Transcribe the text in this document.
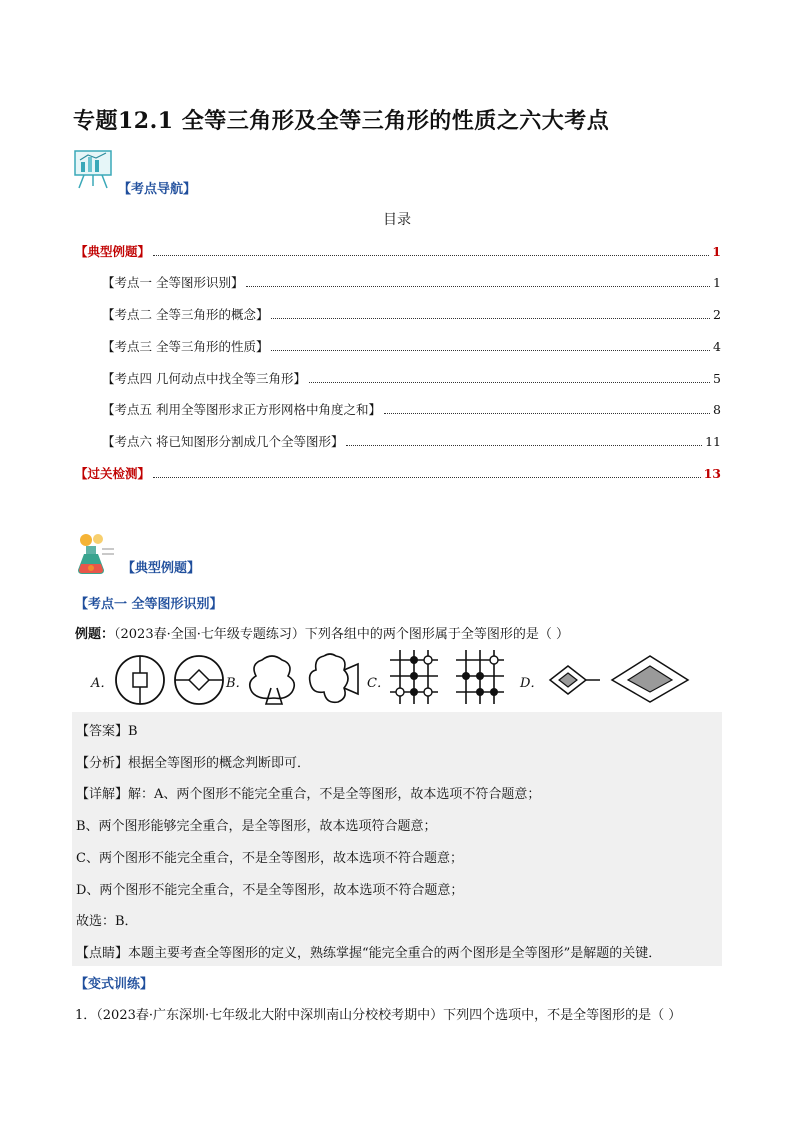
专题12.1 全等三角形及全等三角形的性质之六大考点
【考点导航】
目录
【典型例题】	1
【考点一 全等图形识别】	1
【考点二 全等三角形的概念】	2
【考点三 全等三角形的性质】	4
【考点四 几何动点中找全等三角形】	5
【考点五 利用全等图形求正方形网格中角度之和】	8
【考点六 将已知图形分割成几个全等图形】	11
【过关检测】	13
【典型例题】
【考点一 全等图形识别】
例题：（2023春·全国·七年级专题练习）下列各组中的两个图形属于全等图形的是（ ）
A．	B．	C．	D．
【答案】B
【分析】根据全等图形的概念判断即可．
【详解】解：A、两个图形不能完全重合，不是全等图形，故本选项不符合题意；
B、两个图形能够完全重合，是全等图形，故本选项符合题意；
C、两个图形不能完全重合，不是全等图形，故本选项不符合题意；
D、两个图形不能完全重合，不是全等图形，故本选项不符合题意；
故选：B．
【点睛】本题主要考查全等图形的定义，熟练掌握“能完全重合的两个图形是全等图形”是解题的关键．
【变式训练】
1．（2023春·广东深圳·七年级北大附中深圳南山分校校考期中）下列四个选项中，不是全等图形的是（ ）
